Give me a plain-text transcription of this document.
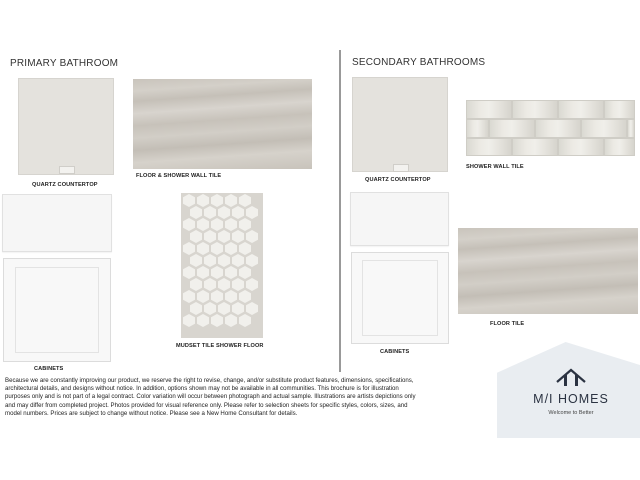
PRIMARY BATHROOM	SECONDARY BATHROOMS
QUARTZ COUNTERTOP
FLOOR & SHOWER WALL TILE
CABINETS
MUDSET TILE SHOWER FLOOR
QUARTZ COUNTERTOP
SHOWER WALL TILE
CABINETS
FLOOR TILE
Because we are constantly improving our product, we reserve the right to revise, change, and/or substitute product features, dimensions, specifications, architectural details, and designs without notice. In addition, options shown may not be available in all communities. This brochure is for illustration purposes only and is not part of a legal contract. Color variation will occur between photograph and actual sample. Illustrations are artists depictions only and may differ from completed project. Photos provided for visual reference only. Please refer to selection sheets for specific styles, colors, sizes, and model numbers. Prices are subject to change without notice. Please see a New Home Consultant for details.
M/I HOMES
Welcome to Better
